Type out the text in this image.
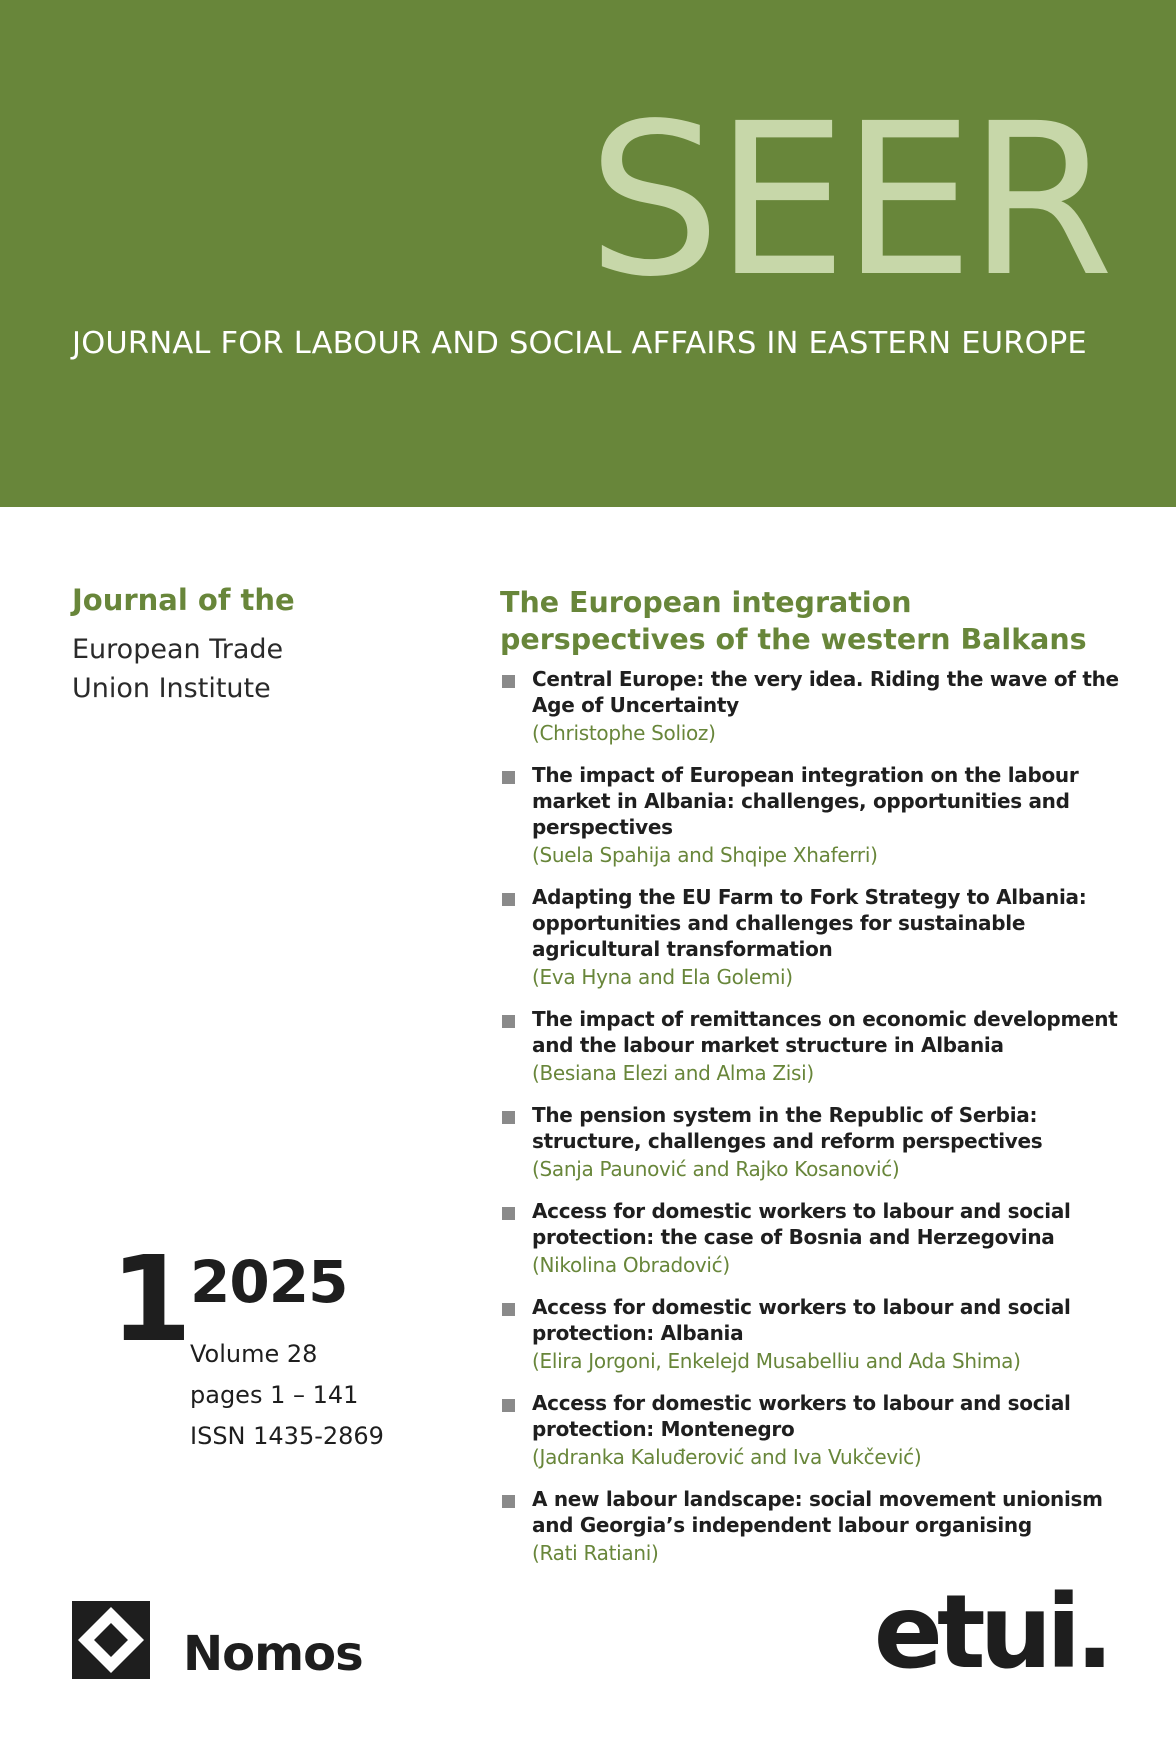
SEER
JOURNAL FOR LABOUR AND SOCIAL AFFAIRS IN EASTERN EUROPE
Journal of the
European Trade
Union Institute
1
2025
Volume 28
pages 1 – 141
ISSN 1435-2869
The European integration perspectives of the western Balkans
Central Europe: the very idea. Riding the wave of the Age of Uncertainty
(Christophe Solioz)
The impact of European integration on the labour market in Albania: challenges, opportunities and perspectives
(Suela Spahija and Shqipe Xhaferri)
Adapting the EU Farm to Fork Strategy to Albania: opportunities and challenges for sustainable agricultural transformation
(Eva Hyna and Ela Golemi)
The impact of remittances on economic development and the labour market structure in Albania
(Besiana Elezi and Alma Zisi)
The pension system in the Republic of Serbia: structure, challenges and reform perspectives
(Sanja Paunović and Rajko Kosanović)
Access for domestic workers to labour and social protection: the case of Bosnia and Herzegovina
(Nikolina Obradović)
Access for domestic workers to labour and social protection: Albania
(Elira Jorgoni, Enkelejd Musabelliu and Ada Shima)
Access for domestic workers to labour and social protection: Montenegro
(Jadranka Kaluđerović and Iva Vukčević)
A new labour landscape: social movement unionism and Georgia’s independent labour organising
(Rati Ratiani)
Nomos	etui.
